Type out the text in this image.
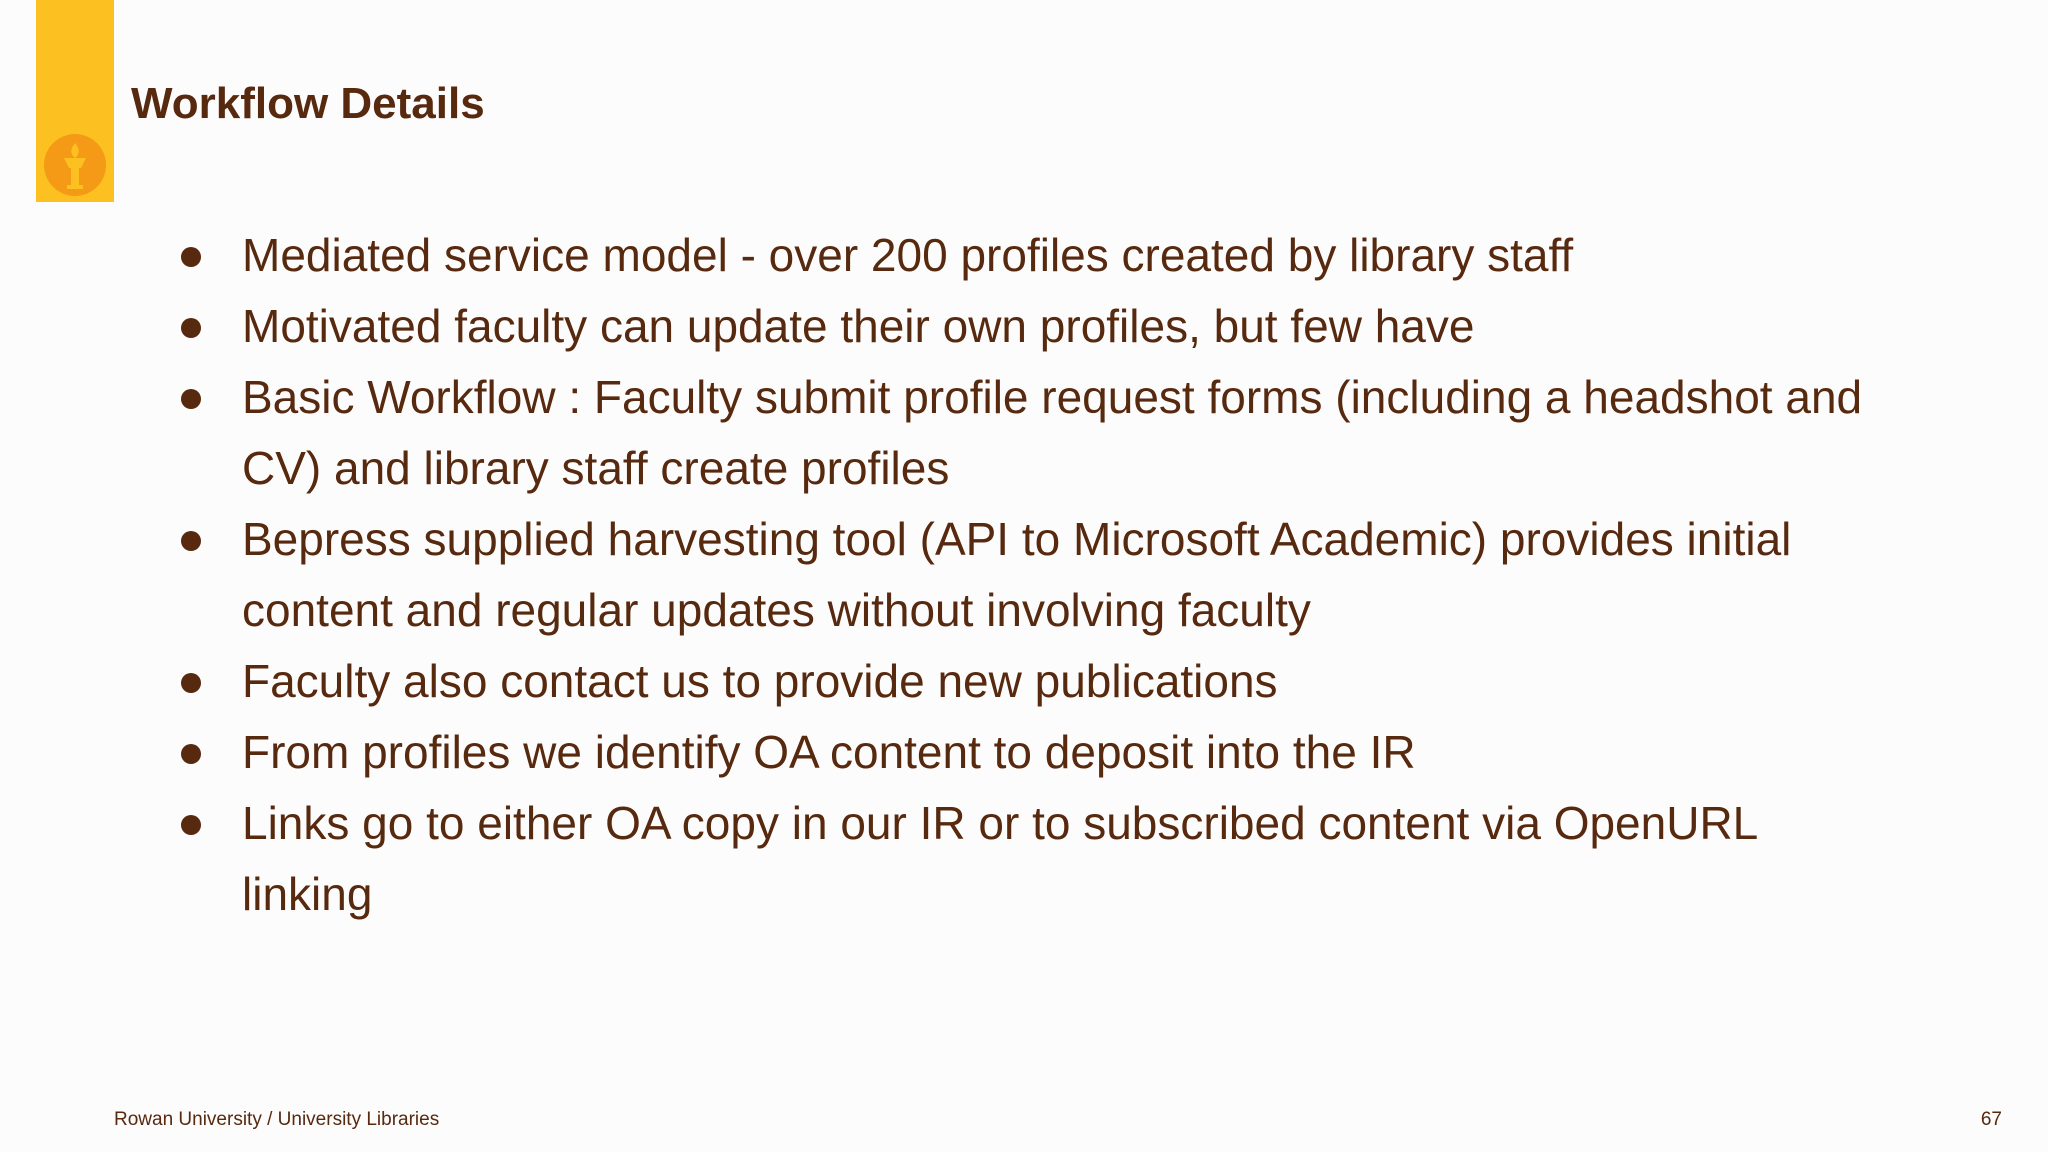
Workflow Details
Mediated service model - over 200 profiles created by library staff
Motivated faculty can update their own profiles, but few have
Basic Workflow : Faculty submit profile request forms (including a headshot and CV) and library staff create profiles
Bepress supplied harvesting tool (API to Microsoft Academic) provides initial content and regular updates without involving faculty
Faculty also contact us to provide new publications
From profiles we identify OA content to deposit into the IR
Links go to either OA copy in our IR or to subscribed content via OpenURL linking
Rowan University / University Libraries	67
